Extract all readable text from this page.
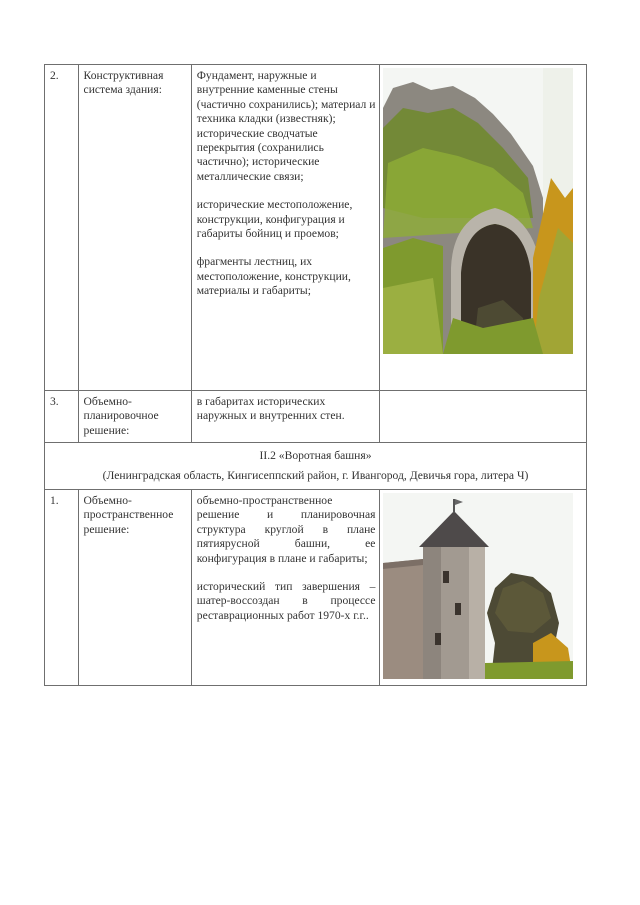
2.	Конструктивная система здания:	Фундамент, наружные и внутренние каменные стены (частично сохранились); материал и техника кладки (известняк); исторические сводчатые перекрытия (сохранились частично); исторические металлические связи;

исторические местоположение, конструкции, конфигурация и габариты бойниц и проемов;

фрагменты лестниц, их местоположение, конструкции, материалы и габариты;

3.	Объемно-планировочное решение:	в габаритах исторических наружных и внутренних стен.	

II.2 «Воротная башня»
(Ленинградская область, Кингисеппский район, г. Ивангород, Девичья гора, литера Ч)			

1.	Объемно-пространственное решение:	объемно-пространственное решение и планировочная структура круглой в плане пятиярусной башни, ее конфигурация в плане и габариты;

исторический тип завершения – шатер-воссоздан в процессе реставрационных работ 1970-х г.г..
